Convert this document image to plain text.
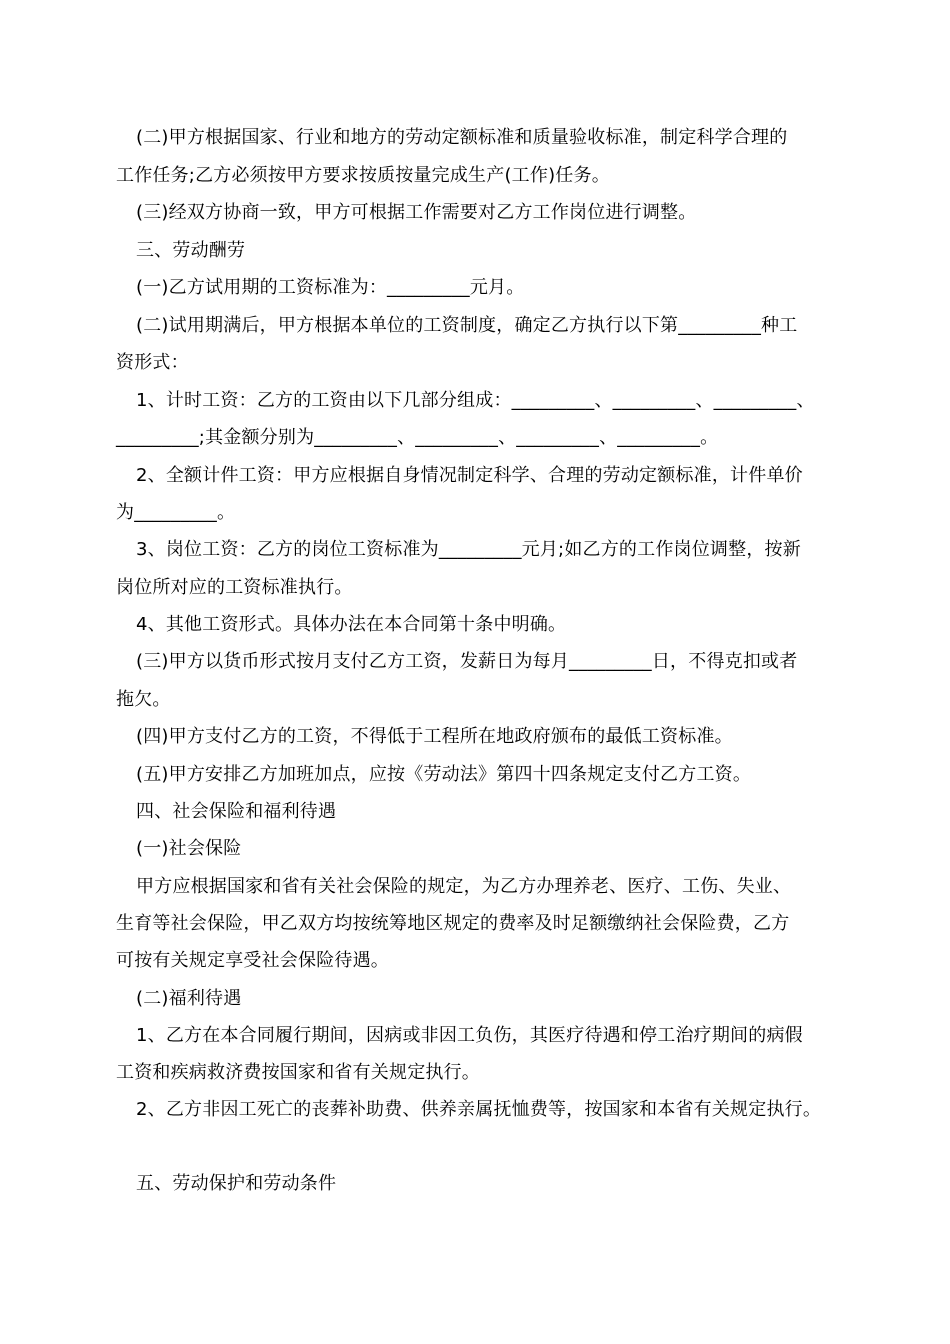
(二)甲方根据国家、行业和地方的劳动定额标准和质量验收标准，制定科学合理的
工作任务;乙方必须按甲方要求按质按量完成生产(工作)任务。
(三)经双方协商一致，甲方可根据工作需要对乙方工作岗位进行调整。
三、劳动酬劳
(一)乙方试用期的工资标准为：_________元月。
(二)试用期满后，甲方根据本单位的工资制度，确定乙方执行以下第_________种工
资形式：
1、计时工资：乙方的工资由以下几部分组成：_________、_________、_________、
_________;其金额分别为_________、_________、_________、_________。
2、全额计件工资：甲方应根据自身情况制定科学、合理的劳动定额标准，计件单价
为_________。
3、岗位工资：乙方的岗位工资标准为_________元月;如乙方的工作岗位调整，按新
岗位所对应的工资标准执行。
4、其他工资形式。具体办法在本合同第十条中明确。
(三)甲方以货币形式按月支付乙方工资，发薪日为每月_________日，不得克扣或者
拖欠。
(四)甲方支付乙方的工资，不得低于工程所在地政府颁布的最低工资标准。
(五)甲方安排乙方加班加点，应按《劳动法》第四十四条规定支付乙方工资。
四、社会保险和福利待遇
(一)社会保险
甲方应根据国家和省有关社会保险的规定，为乙方办理养老、医疗、工伤、失业、
生育等社会保险，甲乙双方均按统筹地区规定的费率及时足额缴纳社会保险费，乙方
可按有关规定享受社会保险待遇。
(二)福利待遇
1、乙方在本合同履行期间，因病或非因工负伤，其医疗待遇和停工治疗期间的病假
工资和疾病救济费按国家和省有关规定执行。
2、乙方非因工死亡的丧葬补助费、供养亲属抚恤费等，按国家和本省有关规定执行。
五、劳动保护和劳动条件
